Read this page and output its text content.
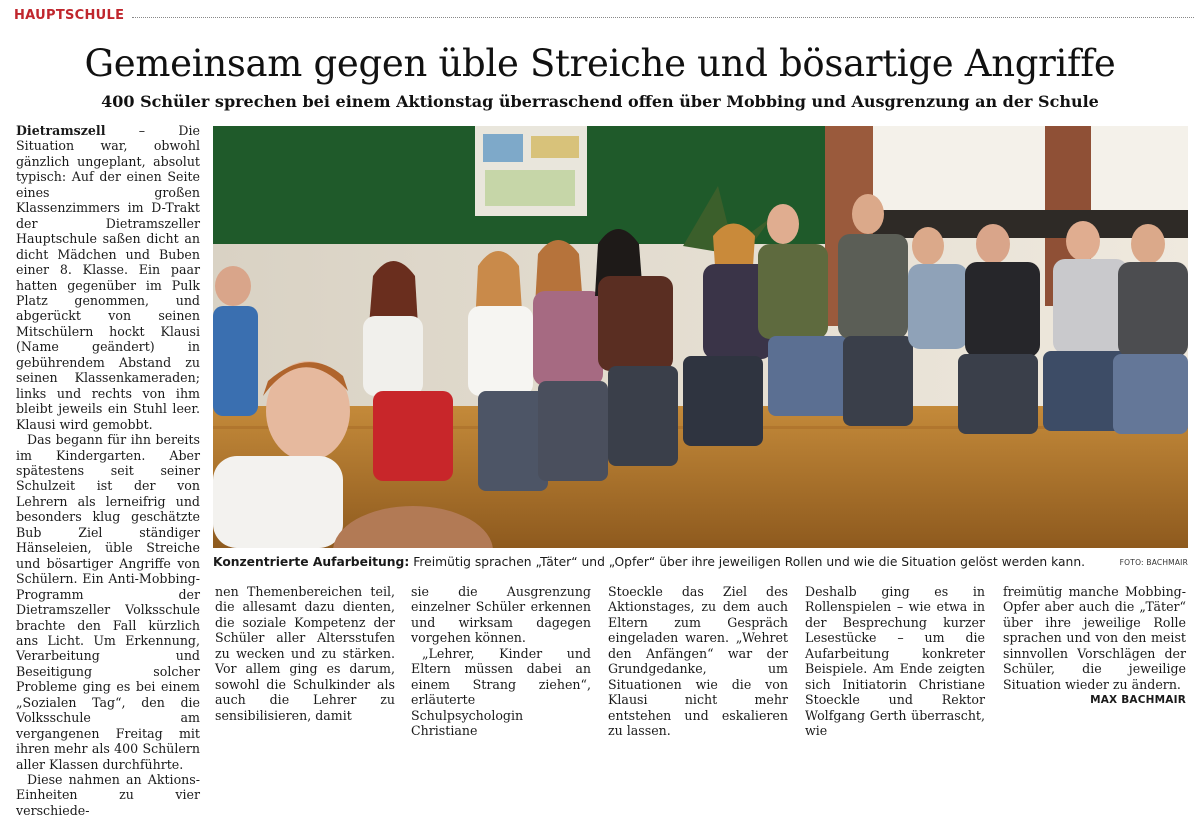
HAUPTSCHULE
Gemeinsam gegen üble Streiche und bösartige Angriffe
400 Schüler sprechen bei einem Aktionstag überraschend offen über Mobbing und Ausgrenzung an der Schule

Dietramszell – Die Situation war, obwohl gänzlich ungeplant, absolut typisch: Auf der einen Seite eines großen Klassenzimmers im D-Trakt der Dietramszeller Hauptschule saßen dicht an dicht Mädchen und Buben einer 8. Klasse. Ein paar hatten gegenüber im Pulk Platz genommen, und abgerückt von seinen Mitschülern hockt Klausi (Name geändert) in gebührendem Abstand zu seinen Klassenkameraden; links und rechts von ihm bleibt jeweils ein Stuhl leer. Klausi wird gemobbt.

Das begann für ihn bereits im Kindergarten. Aber spätestens seit seiner Schulzeit ist der von Lehrern als lerneifrig und besonders klug geschätzte Bub Ziel ständiger Hänseleien, üble Streiche und bösartiger Angriffe von Schülern. Ein Anti-Mobbing-Programm der Dietramszeller Volksschule brachte den Fall kürzlich ans Licht. Um Erkennung, Verarbeitung und Beseitigung solcher Probleme ging es bei einem „Sozialen Tag“, den die Volksschule am vergangenen Freitag mit ihren mehr als 400 Schülern aller Klassen durchführte.

Diese nahmen an Aktions-Einheiten zu vier verschiede-

Konzentrierte Aufarbeitung: Freimütig sprachen „Täter“ und „Opfer“ über ihre jeweiligen Rollen und wie die Situation gelöst werden kann.	FOTO: BACHMAIR

nen Themenbereichen teil, die allesamt dazu dienten, die soziale Kompetenz der Schüler aller Altersstufen zu wecken und zu stärken. Vor allem ging es darum, sowohl die Schulkinder als auch die Lehrer zu sensibilisieren, damit

sie die Ausgrenzung einzelner Schüler erkennen und wirksam dagegen vorgehen können.

„Lehrer, Kinder und Eltern müssen dabei an einem Strang ziehen“, erläuterte Schulpsychologin Christiane

Stoeckle das Ziel des Aktionstages, zu dem auch Eltern zum Gespräch eingeladen waren. „Wehret den Anfängen“ war der Grundgedanke, um Situationen wie die von Klausi nicht mehr entstehen und eskalieren zu lassen.

Deshalb ging es in Rollenspielen – wie etwa in der Besprechung kurzer Lesestücke – um die Aufarbeitung konkreter Beispiele. Am Ende zeigten sich Initiatorin Christiane Stoeckle und Rektor Wolfgang Gerth überrascht, wie

freimütig manche Mobbing-Opfer aber auch die „Täter“ über ihre jeweilige Rolle sprachen und von den meist sinnvollen Vorschlägen der Schüler, die jeweilige Situation wieder zu ändern.

MAX BACHMAIR
